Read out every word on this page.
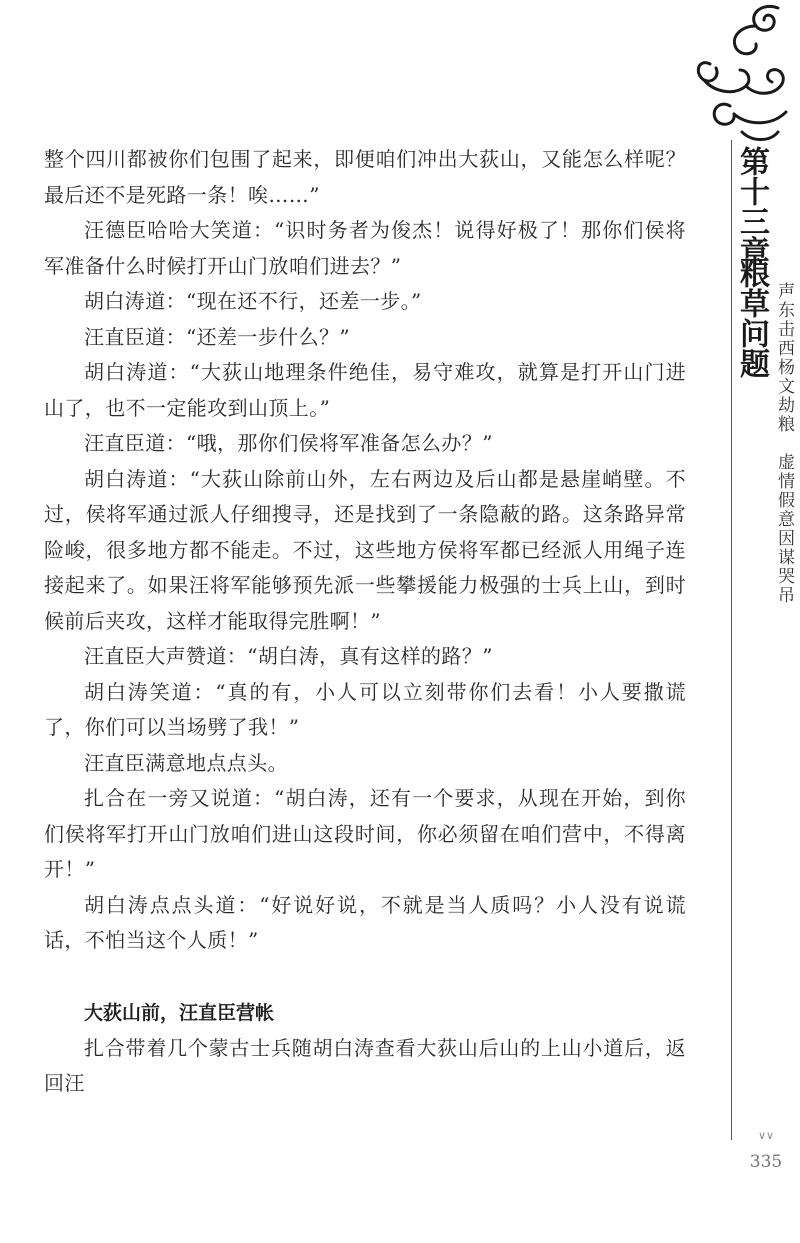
整个四川都被你们包围了起来，即便咱们冲出大荻山，又能怎么样呢？最后还不是死路一条！唉……”

汪德臣哈哈大笑道：“识时务者为俊杰！说得好极了！那你们侯将军准备什么时候打开山门放咱们进去？”

胡白涛道：“现在还不行，还差一步。”

汪直臣道：“还差一步什么？”

胡白涛道：“大荻山地理条件绝佳，易守难攻，就算是打开山门进山了，也不一定能攻到山顶上。”

汪直臣道：“哦，那你们侯将军准备怎么办？”

胡白涛道：“大荻山除前山外，左右两边及后山都是悬崖峭壁。不过，侯将军通过派人仔细搜寻，还是找到了一条隐蔽的路。这条路异常险峻，很多地方都不能走。不过，这些地方侯将军都已经派人用绳子连接起来了。如果汪将军能够预先派一些攀援能力极强的士兵上山，到时候前后夹攻，这样才能取得完胜啊！”

汪直臣大声赞道：“胡白涛，真有这样的路？”

胡白涛笑道：“真的有，小人可以立刻带你们去看！小人要撒谎了，你们可以当场劈了我！”

汪直臣满意地点点头。

扎合在一旁又说道：“胡白涛，还有一个要求，从现在开始，到你们侯将军打开山门放咱们进山这段时间，你必须留在咱们营中，不得离开！”

胡白涛点点头道：“好说好说，不就是当人质吗？小人没有说谎话，不怕当这个人质！”

大荻山前，汪直臣营帐

扎合带着几个蒙古士兵随胡白涛查看大荻山后山的上山小道后，返回汪

第十三章
粮草问题 声东击西杨文劫粮　虚情假意因谋哭吊
∨∨
335
